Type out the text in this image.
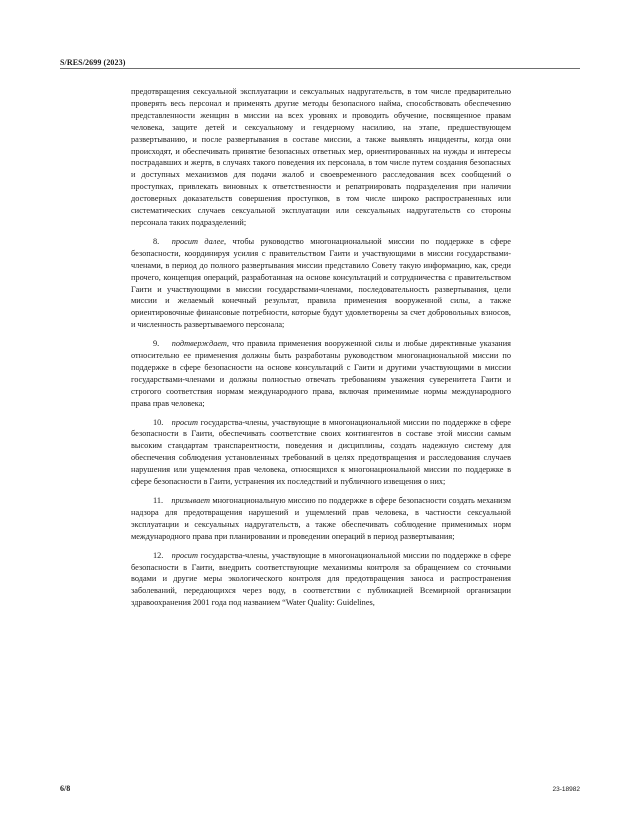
S/RES/2699 (2023)

предотвращения сексуальной эксплуатации и сексуальных надругательств, в том числе предварительно проверять весь персонал и применять другие методы безопасного найма, способствовать обеспечению представленности женщин в миссии на всех уровнях и проводить обучение, посвященное правам человека, защите детей и сексуальному и гендерному насилию, на этапе, предшествующем развертыванию, и после развертывания в составе миссии, а также выявлять инциденты, когда они происходят, и обеспечивать принятие безопасных ответных мер, ориентированных на нужды и интересы пострадавших и жертв, в случаях такого поведения их персонала, в том числе путем создания безопасных и доступных механизмов для подачи жалоб и своевременного расследования всех сообщений о проступках, привлекать виновных к ответственности и репатриировать подразделения при наличии достоверных доказательств совершения проступков, в том числе широко распространенных или систематических случаев сексуальной эксплуатации или сексуальных надругательств со стороны персонала таких подразделений;

8.   просит далее, чтобы руководство многонациональной миссии по поддержке в сфере безопасности, координируя усилия с правительством Гаити и участвующими в миссии государствами-членами, в период до полного развертывания миссии представило Совету такую информацию, как, среди прочего, концепция операций, разработанная на основе консультаций и сотрудничества с правительством Гаити и участвующими в миссии государствами-членами, последовательность развертывания, цели миссии и желаемый конечный результат, правила применения вооруженной силы, а также ориентировочные финансовые потребности, которые будут удовлетворены за счет добровольных взносов, и численность развертываемого персонала;

9.   подтверждает, что правила применения вооруженной силы и любые директивные указания относительно ее применения должны быть разработаны руководством многонациональной миссии по поддержке в сфере безопасности на основе консультаций с Гаити и другими участвующими в миссии государствами-членами и должны полностью отвечать требованиям уважения суверенитета Гаити и строгого соответствия нормам международного права, включая применимые нормы международного права прав человека;

10.  просит государства-члены, участвующие в многонациональной миссии по поддержке в сфере безопасности в Гаити, обеспечивать соответствие своих контингентов в составе этой миссии самым высоким стандартам транспарентности, поведения и дисциплины, создать надежную систему для обеспечения соблюдения установленных требований в целях предотвращения и расследования случаев нарушения или ущемления прав человека, относящихся к многонациональной миссии по поддержке в сфере безопасности в Гаити, устранения их последствий и публичного извещения о них;

11.  призывает многонациональную миссию по поддержке в сфере безопасности создать механизм надзора для предотвращения нарушений и ущемлений прав человека, в частности сексуальной эксплуатации и сексуальных надругательств, а также обеспечивать соблюдение применимых норм международного права при планировании и проведении операций в период развертывания;

12.  просит государства-члены, участвующие в многонациональной миссии по поддержке в сфере безопасности в Гаити, внедрить соответствующие механизмы контроля за обращением со сточными водами и другие меры экологического контроля для предотвращения заноса и распространения заболеваний, передающихся через воду, в соответствии с публикацией Всемирной организации здравоохранения 2001 года под названием “Water Quality: Guidelines,

6/8	23-18982
